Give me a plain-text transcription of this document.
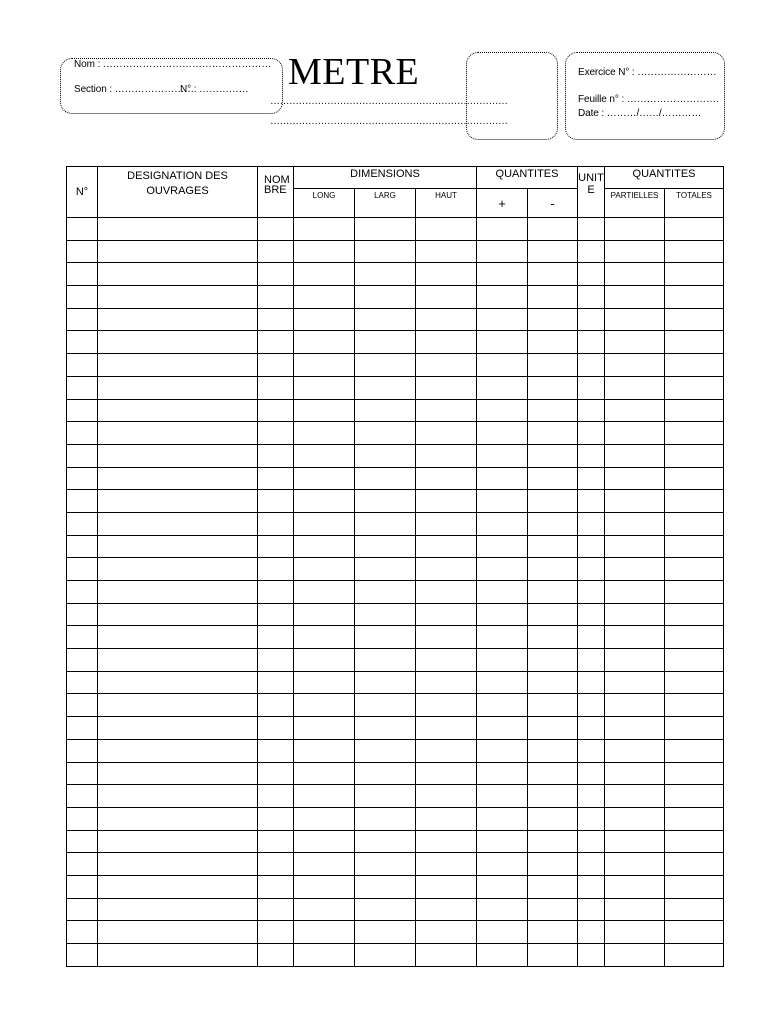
Nom : ……………………………………………
Section : ……………………
N° : …………… METRE
…………………………………………………………………
…………………………………………………………………
Exercice N° : ……………………
Feuille n° : ……………………….
Date : ………/……/…………
N°	DESIGNATION DES OUVRAGES	NOMBRE	DIMENSIONS			QUANTITES		UNITE	QUANTITES	
			LONG	LARG	HAUT	+	-		PARTIELLES	TOTALES
